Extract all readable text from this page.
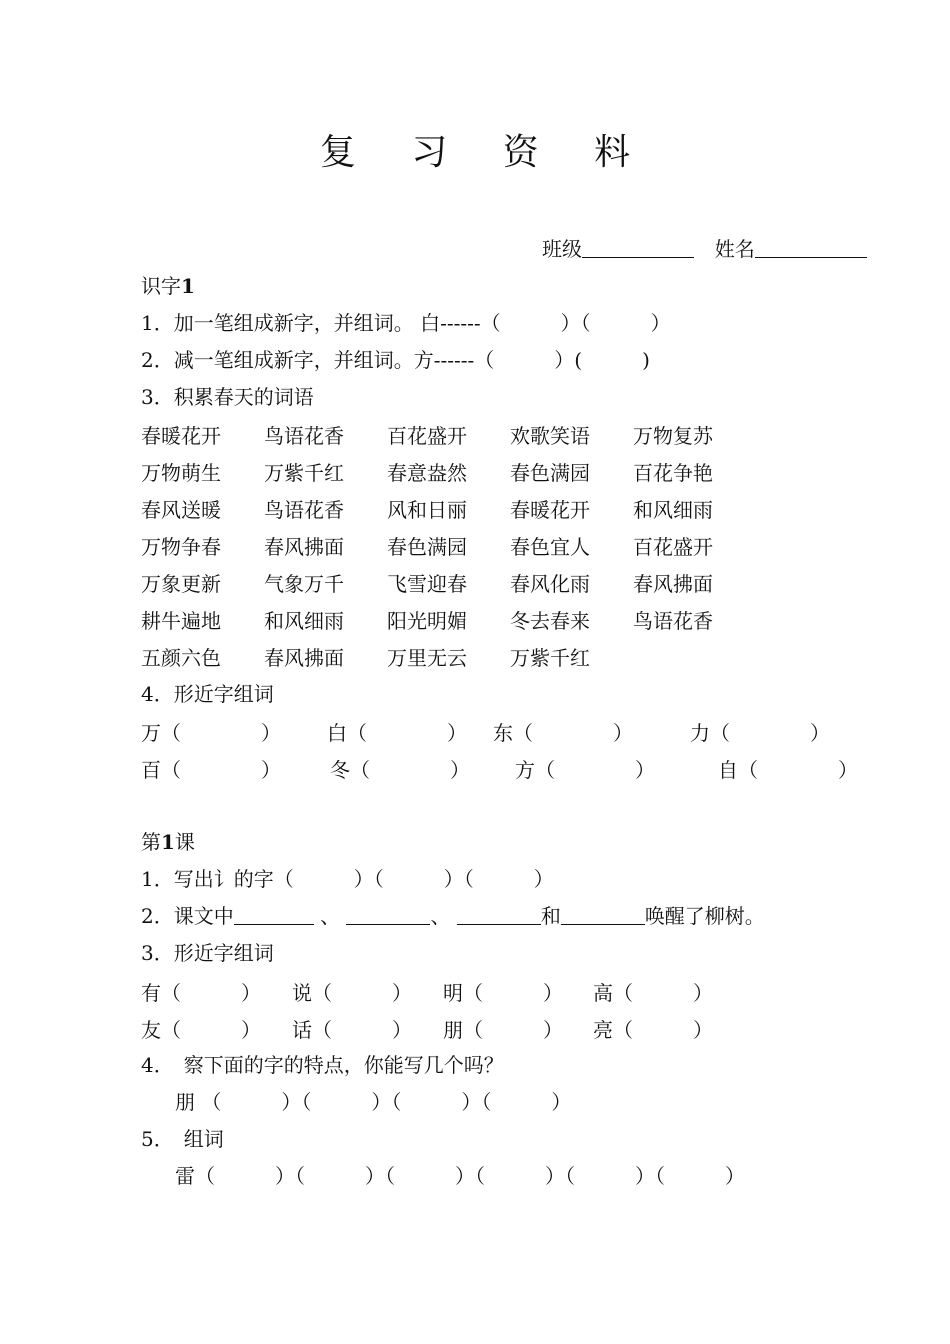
复 习 资 料
班级	姓名
识字1
1．加一笔组成新字，并组词。 白------（　　　）（　　　）
2．减一笔组成新字，并组词。方------（　　　）(　　　)
3．积累春天的词语
春暖花开 鸟语花香 百花盛开 欢歌笑语 万物复苏
万物萌生 万紫千红 春意盎然 春色满园 百花争艳
春风送暖 鸟语花香 风和日丽 春暖花开 和风细雨
万物争春 春风拂面 春色满园 春色宜人 百花盛开
万象更新 气象万千 飞雪迎春 春风化雨 春风拂面
耕牛遍地 和风细雨 阳光明媚 冬去春来 鸟语花香
五颜六色 春风拂面 万里无云 万紫千红
4．形近字组词
万（　　　　） 白（　　　　） 东（　　　　）	力（　　　　）
百（　　　　） 冬（　　　　） 方（　　　　）	自（　　　　）
第1课
1．写出讠的字（　　　）（　　　）（　　　）
2．课文中	、	、	和	唤醒了柳树。
3．形近字组词
有（　　　） 说（　　　） 明（　　　） 高（　　　）
友（　　　） 话（　　　） 朋（　　　） 亮（　　　）
4．　察下面的字的特点，你能写几个吗？
朋 （　　　）（　　　）（　　　）（　　　）
5．　组词
雷（　　　）（　　　）（　　　）（　　　）（　　　）（　　　）
